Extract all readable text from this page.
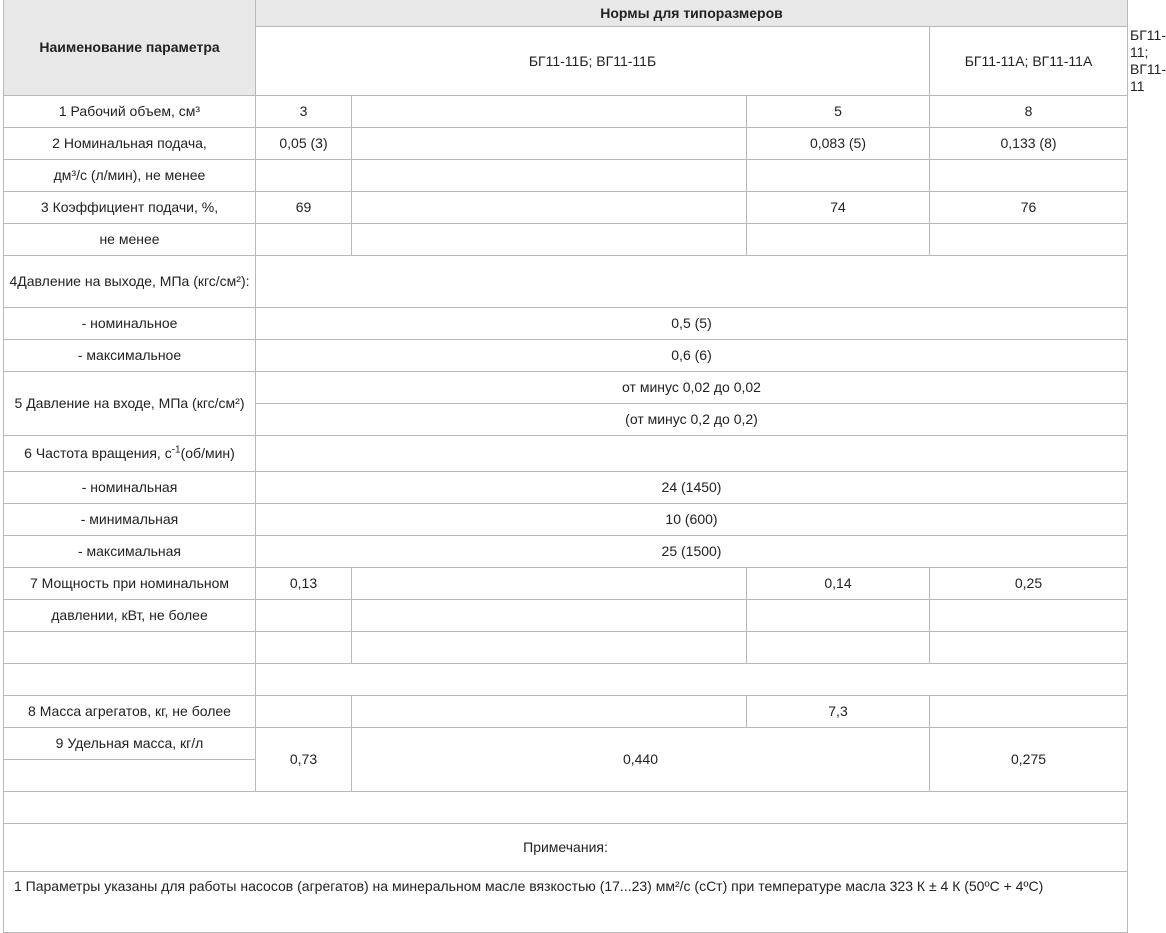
Наименование параметра	Нормы для типоразмеров				
	БГ11-11Б; ВГ11-11Б			БГ11-11А; ВГ11-11А	БГ11-11; ВГ11-11
1 Рабочий объем, см³	3		5	8	
2 Номинальная подача,	0,05 (3)		0,083 (5)	0,133 (8)	
дм³/с (л/мин), не менее					
3 Коэффициент подачи, %,	69		74	76	
не менее					
4Давление на выходе, МПа (кгс/см²):					
- номинальное	0,5 (5)				
- максимальное	0,6 (6)				
5 Давление на входе, МПа (кгс/см²)	от минус 0,02 до 0,02				
	(от минус 0,2 до 0,2)				
6 Частота вращения, $с^{-1}(об/мин)$					
- номинальная	24 (1450)				
- минимальная	10 (600)				
- максимальная	25 (1500)				
7 Мощность при номинальном	0,13		0,14	0,25	
давлении, кВт, не более					

8 Масса агрегатов, кг, не более			7,3		
9 Удельная масса, кг/л	0,73	0,440		0,275	

Примечания:					
1 Параметры указаны для работы насосов (агрегатов) на минеральном масле вязкостью (17...23) мм²/с (сСт) при температуре масла 323 К ± 4 К (50ºС + 4ºС)					
